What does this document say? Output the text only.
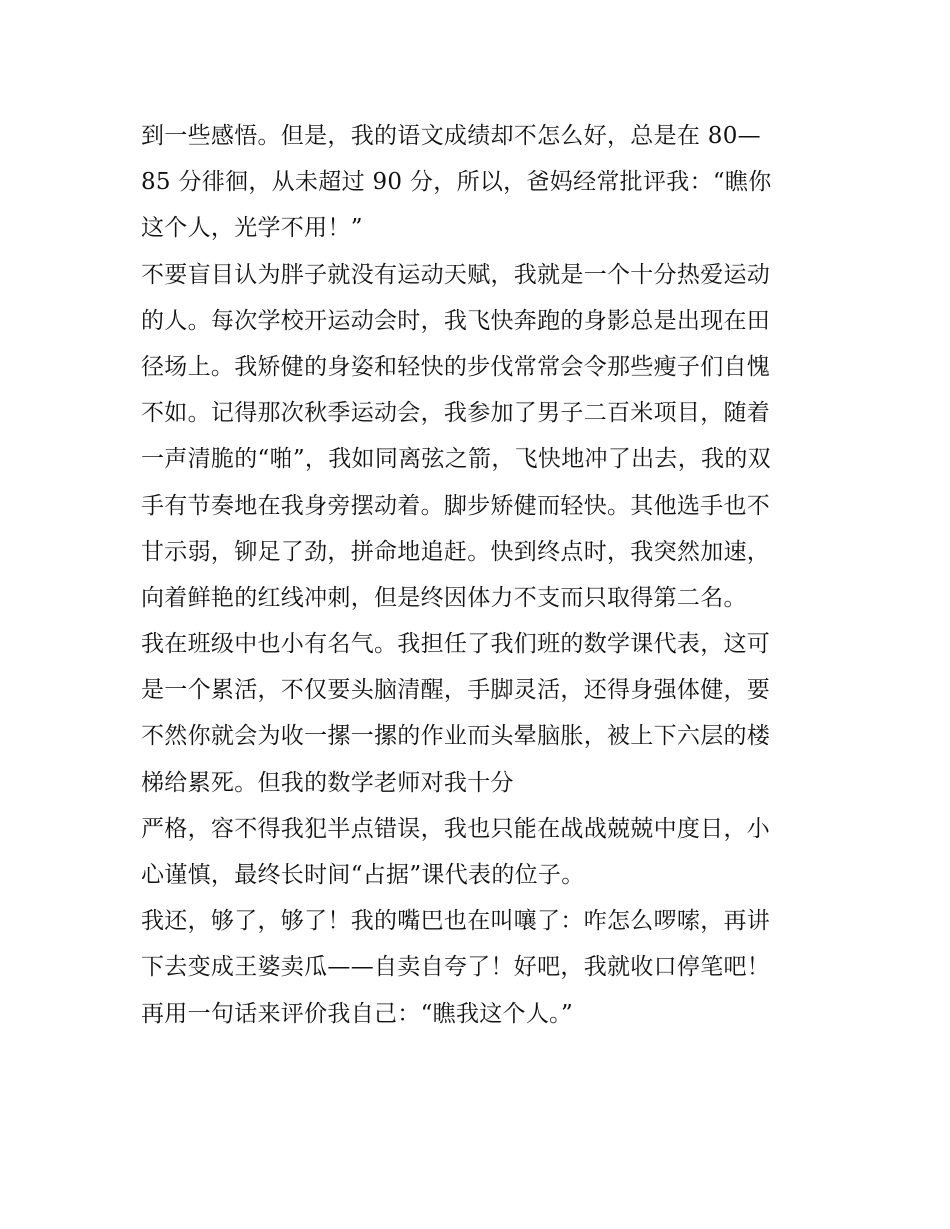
到一些感悟。但是，我的语文成绩却不怎么好，总是在 80—
85 分徘徊，从未超过 90 分，所以，爸妈经常批评我：“瞧你
这个人，光学不用！”
不要盲目认为胖子就没有运动天赋，我就是一个十分热爱运动
的人。每次学校开运动会时，我飞快奔跑的身影总是出现在田
径场上。我矫健的身姿和轻快的步伐常常会令那些瘦子们自愧
不如。记得那次秋季运动会，我参加了男子二百米项目，随着
一声清脆的“啪”，我如同离弦之箭，飞快地冲了出去，我的双
手有节奏地在我身旁摆动着。脚步矫健而轻快。其他选手也不
甘示弱，铆足了劲，拼命地追赶。快到终点时，我突然加速，
向着鲜艳的红线冲刺，但是终因体力不支而只取得第二名。
我在班级中也小有名气。我担任了我们班的数学课代表，这可
是一个累活，不仅要头脑清醒，手脚灵活，还得身强体健，要
不然你就会为收一摞一摞的作业而头晕脑胀，被上下六层的楼
梯给累死。但我的数学老师对我十分
严格，容不得我犯半点错误，我也只能在战战兢兢中度日，小
心谨慎，最终长时间“占据”课代表的位子。
我还，够了，够了！我的嘴巴也在叫嚷了：咋怎么啰嗦，再讲
下去变成王婆卖瓜——自卖自夸了！好吧，我就收口停笔吧！
再用一句话来评价我自己：“瞧我这个人。”
